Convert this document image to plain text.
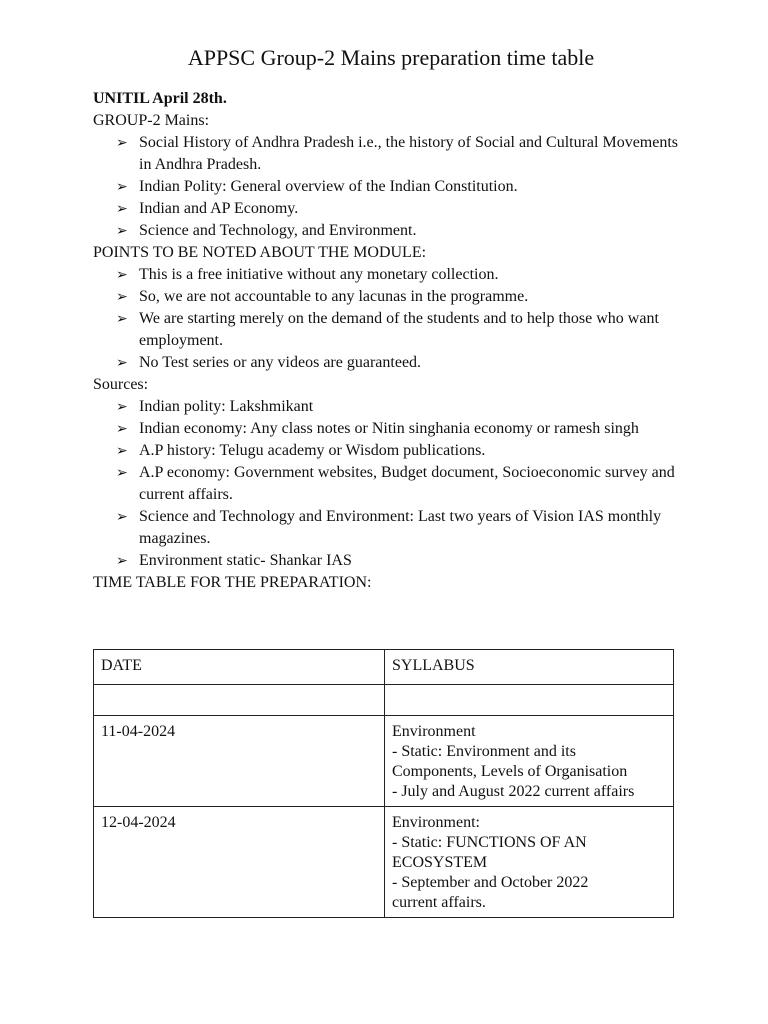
APPSC Group-2 Mains preparation time table

UNITIL April 28th.

GROUP-2 Mains:

➢ Social History of Andhra Pradesh i.e., the history of Social and Cultural Movements in Andhra Pradesh.
➢ Indian Polity: General overview of the Indian Constitution.
➢ Indian and AP Economy.
➢ Science and Technology, and Environment.

POINTS TO BE NOTED ABOUT THE MODULE:

➢ This is a free initiative without any monetary collection.
➢ So, we are not accountable to any lacunas in the programme.
➢ We are starting merely on the demand of the students and to help those who want employment.
➢ No Test series or any videos are guaranteed.

Sources:

➢ Indian polity: Lakshmikant
➢ Indian economy: Any class notes or Nitin singhania economy or ramesh singh
➢ A.P history: Telugu academy or Wisdom publications.
➢ A.P economy: Government websites, Budget document, Socioeconomic survey and current affairs.
➢ Science and Technology and Environment: Last two years of Vision IAS monthly magazines.
➢ Environment static- Shankar IAS

TIME TABLE FOR THE PREPARATION:

DATE	SYLLABUS

11-04-2024	Environment
- Static: Environment and its
Components, Levels of Organisation
- July and August 2022 current affairs

12-04-2024	Environment:
- Static: FUNCTIONS OF AN
ECOSYSTEM
- September and October 2022
current affairs.
